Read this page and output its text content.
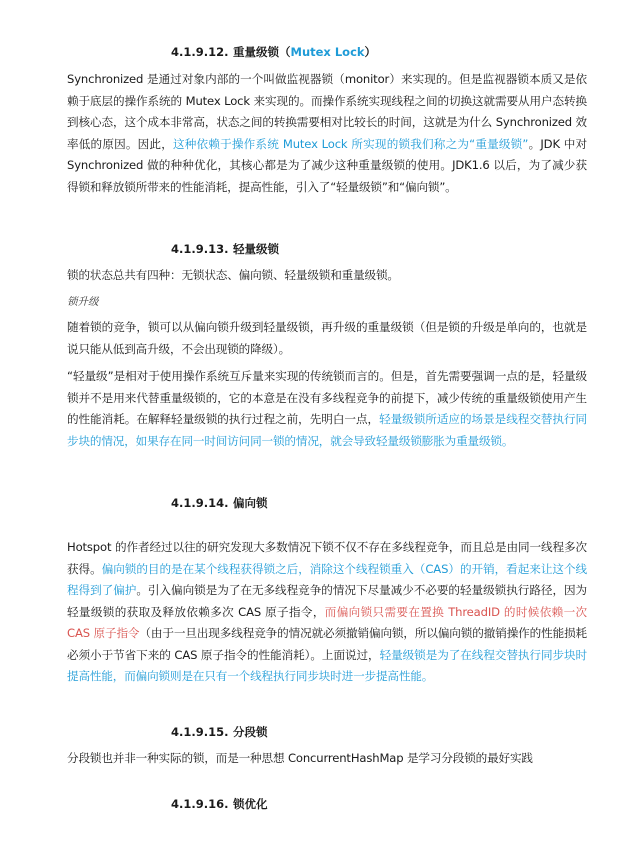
4.1.9.12. 重量级锁（Mutex Lock）
Synchronized 是通过对象内部的一个叫做监视器锁（monitor）来实现的。但是监视器锁本质又是依赖于底层的操作系统的 Mutex Lock 来实现的。而操作系统实现线程之间的切换这就需要从用户态转换到核心态，这个成本非常高，状态之间的转换需要相对比较长的时间，这就是为什么 Synchronized 效率低的原因。因此，这种依赖于操作系统 Mutex Lock 所实现的锁我们称之为“重量级锁”。JDK 中对 Synchronized 做的种种优化，其核心都是为了减少这种重量级锁的使用。JDK1.6 以后，为了减少获得锁和释放锁所带来的性能消耗，提高性能，引入了“轻量级锁”和“偏向锁”。
4.1.9.13. 轻量级锁
锁的状态总共有四种：无锁状态、偏向锁、轻量级锁和重量级锁。
锁升级
随着锁的竞争，锁可以从偏向锁升级到轻量级锁，再升级的重量级锁（但是锁的升级是单向的，也就是说只能从低到高升级，不会出现锁的降级）。
“轻量级”是相对于使用操作系统互斥量来实现的传统锁而言的。但是，首先需要强调一点的是，轻量级锁并不是用来代替重量级锁的，它的本意是在没有多线程竞争的前提下，减少传统的重量级锁使用产生的性能消耗。在解释轻量级锁的执行过程之前，先明白一点，轻量级锁所适应的场景是线程交替执行同步块的情况，如果存在同一时间访问同一锁的情况，就会导致轻量级锁膨胀为重量级锁。
4.1.9.14. 偏向锁
Hotspot 的作者经过以往的研究发现大多数情况下锁不仅不存在多线程竞争，而且总是由同一线程多次获得。偏向锁的目的是在某个线程获得锁之后，消除这个线程锁重入（CAS）的开销，看起来让这个线程得到了偏护。引入偏向锁是为了在无多线程竞争的情况下尽量减少不必要的轻量级锁执行路径，因为轻量级锁的获取及释放依赖多次 CAS 原子指令，而偏向锁只需要在置换 ThreadID 的时候依赖一次 CAS 原子指令（由于一旦出现多线程竞争的情况就必须撤销偏向锁，所以偏向锁的撤销操作的性能损耗必须小于节省下来的 CAS 原子指令的性能消耗）。上面说过，轻量级锁是为了在线程交替执行同步块时提高性能，而偏向锁则是在只有一个线程执行同步块时进一步提高性能。
4.1.9.15. 分段锁
分段锁也并非一种实际的锁，而是一种思想 ConcurrentHashMap 是学习分段锁的最好实践
4.1.9.16. 锁优化
